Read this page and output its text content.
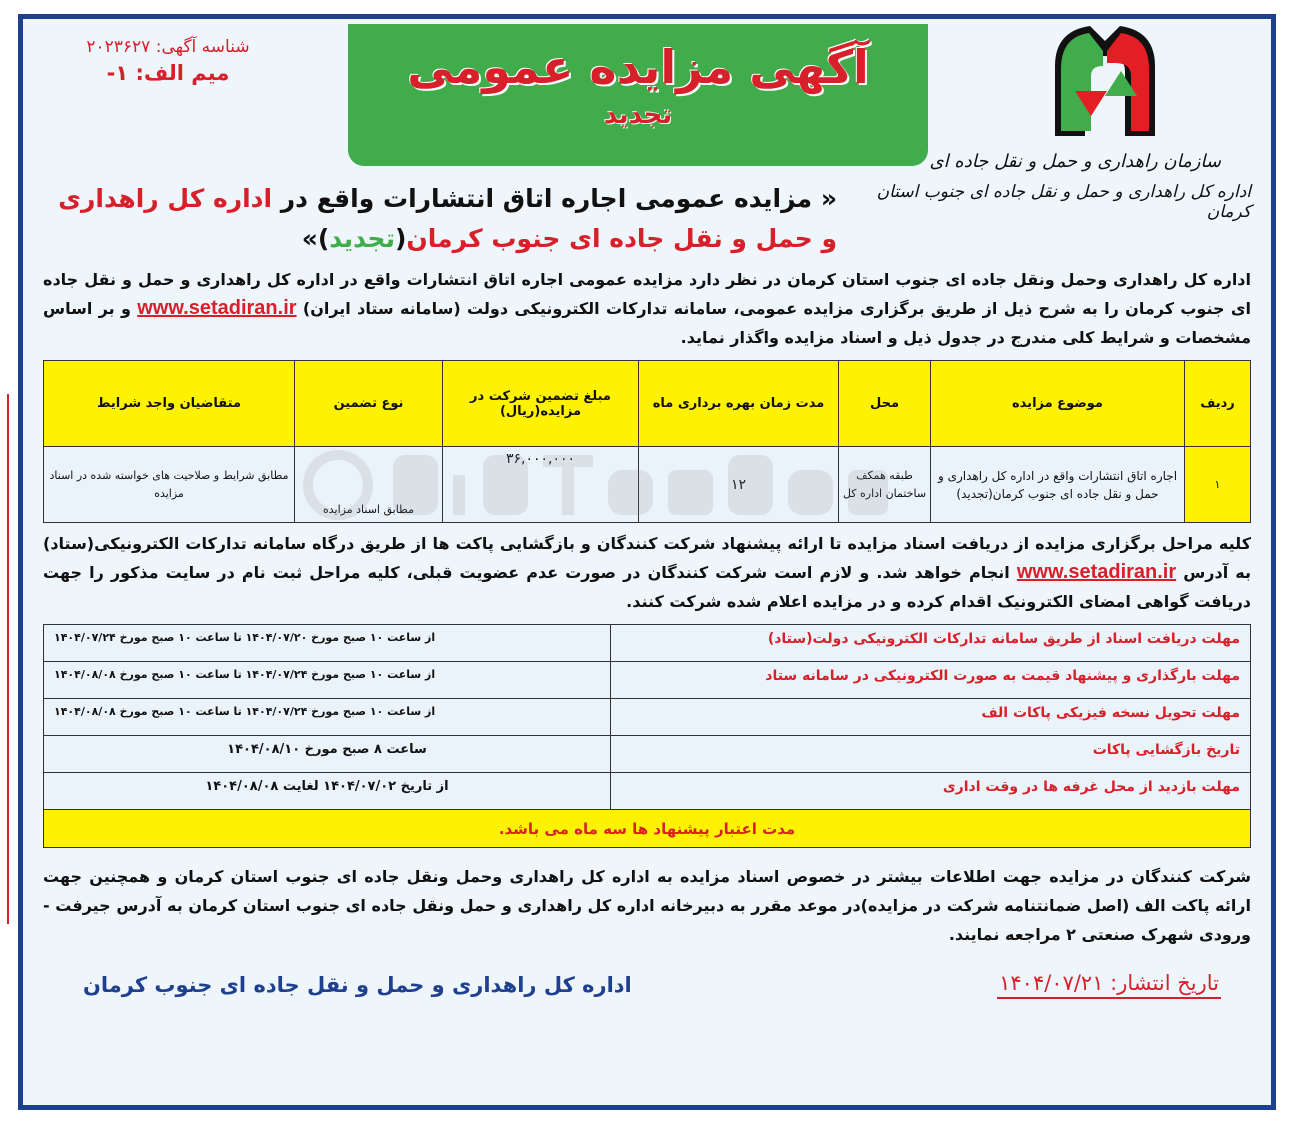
شناسه آگهی: ۲۰۲۳۶۲۷
میم الف: ۱-	آگهی مزایده عمومی
تجدید
سازمان راهداری و حمل و نقل جاده ای
اداره کل راهداری و حمل و نقل جاده ای جنوب استان کرمان
« مزایده عمومی اجاره اتاق انتشارات واقع در اداره کل راهداری و حمل و نقل جاده ای جنوب کرمان(تجدید)»
اداره کل راهداری وحمل ونقل جاده ای جنوب استان کرمان در نظر دارد مزایده عمومی اجاره اتاق انتشارات واقع در اداره کل راهداری و حمل و نقل جاده ای جنوب کرمان را به شرح ذیل از طریق برگزاری مزایده عمومی، سامانه تدارکات الکترونیکی دولت (سامانه ستاد ایران) www.setadiran.ir و بر اساس مشخصات و شرایط کلی مندرج در جدول ذیل و اسناد مزایده واگذار نماید.
ردیف	موضوع مزایده	محل	مدت زمان بهره برداری ماه	مبلغ تضمین شرکت در مزایده(ریال)	نوع تضمین	متقاضیان واجد شرایط
۱	اجاره اتاق انتشارات واقع در اداره کل راهداری و حمل و نقل جاده ای جنوب کرمان(تجدید)	طبقه همکف ساختمان اداره کل	۱۲	۳۶,۰۰۰,۰۰۰	مطابق اسناد مزایده	مطابق شرایط و صلاحیت های خواسته شده در اسناد مزایده
کلیه مراحل برگزاری مزایده از دریافت اسناد مزایده تا ارائه پیشنهاد شرکت کنندگان و بازگشایی پاکت ها از طریق درگاه سامانه تدارکات الکترونیکی(ستاد) به آدرس www.setadiran.ir انجام خواهد شد. و لازم است شرکت کنندگان در صورت عدم عضویت قبلی، کلیه مراحل ثبت نام در سایت مذکور را جهت دریافت گواهی امضای الکترونیک اقدام کرده و در مزایده اعلام شده شرکت کنند.
مهلت دریافت اسناد از طریق سامانه تدارکات الکترونیکی دولت(ستاد)	از ساعت ۱۰ صبح مورخ ۱۴۰۴/۰۷/۲۰ تا ساعت ۱۰ صبح مورخ ۱۴۰۴/۰۷/۲۴
مهلت بارگذاری و پیشنهاد قیمت به صورت الکترونیکی در سامانه ستاد	از ساعت ۱۰ صبح مورخ ۱۴۰۴/۰۷/۲۴ تا ساعت ۱۰ صبح مورخ ۱۴۰۴/۰۸/۰۸
مهلت تحویل نسخه فیزیکی پاکات الف	از ساعت ۱۰ صبح مورخ ۱۴۰۴/۰۷/۲۴ تا ساعت ۱۰ صبح مورخ ۱۴۰۴/۰۸/۰۸
تاریخ بازگشایی پاکات	ساعت ۸ صبح مورخ ۱۴۰۴/۰۸/۱۰
مهلت بازدید از محل غرفه ها در وقت اداری	از تاریخ ۱۴۰۴/۰۷/۰۲ لغایت ۱۴۰۴/۰۸/۰۸
مدت اعتبار پیشنهاد ها سه ماه می باشد.	
شرکت کنندگان در مزایده جهت اطلاعات بیشتر در خصوص اسناد مزایده به اداره کل راهداری وحمل ونقل جاده ای جنوب استان کرمان و همچنین جهت ارائه پاکت الف (اصل ضمانتنامه شرکت در مزایده)در موعد مقرر به دبیرخانه اداره کل راهداری و حمل ونقل جاده ای جنوب استان کرمان به آدرس جیرفت - ورودی شهرک صنعتی ۲ مراجعه نمایند.
تاریخ انتشار: ۱۴۰۴/۰۷/۲۱
اداره کل راهداری و حمل و نقل جاده ای جنوب کرمان
